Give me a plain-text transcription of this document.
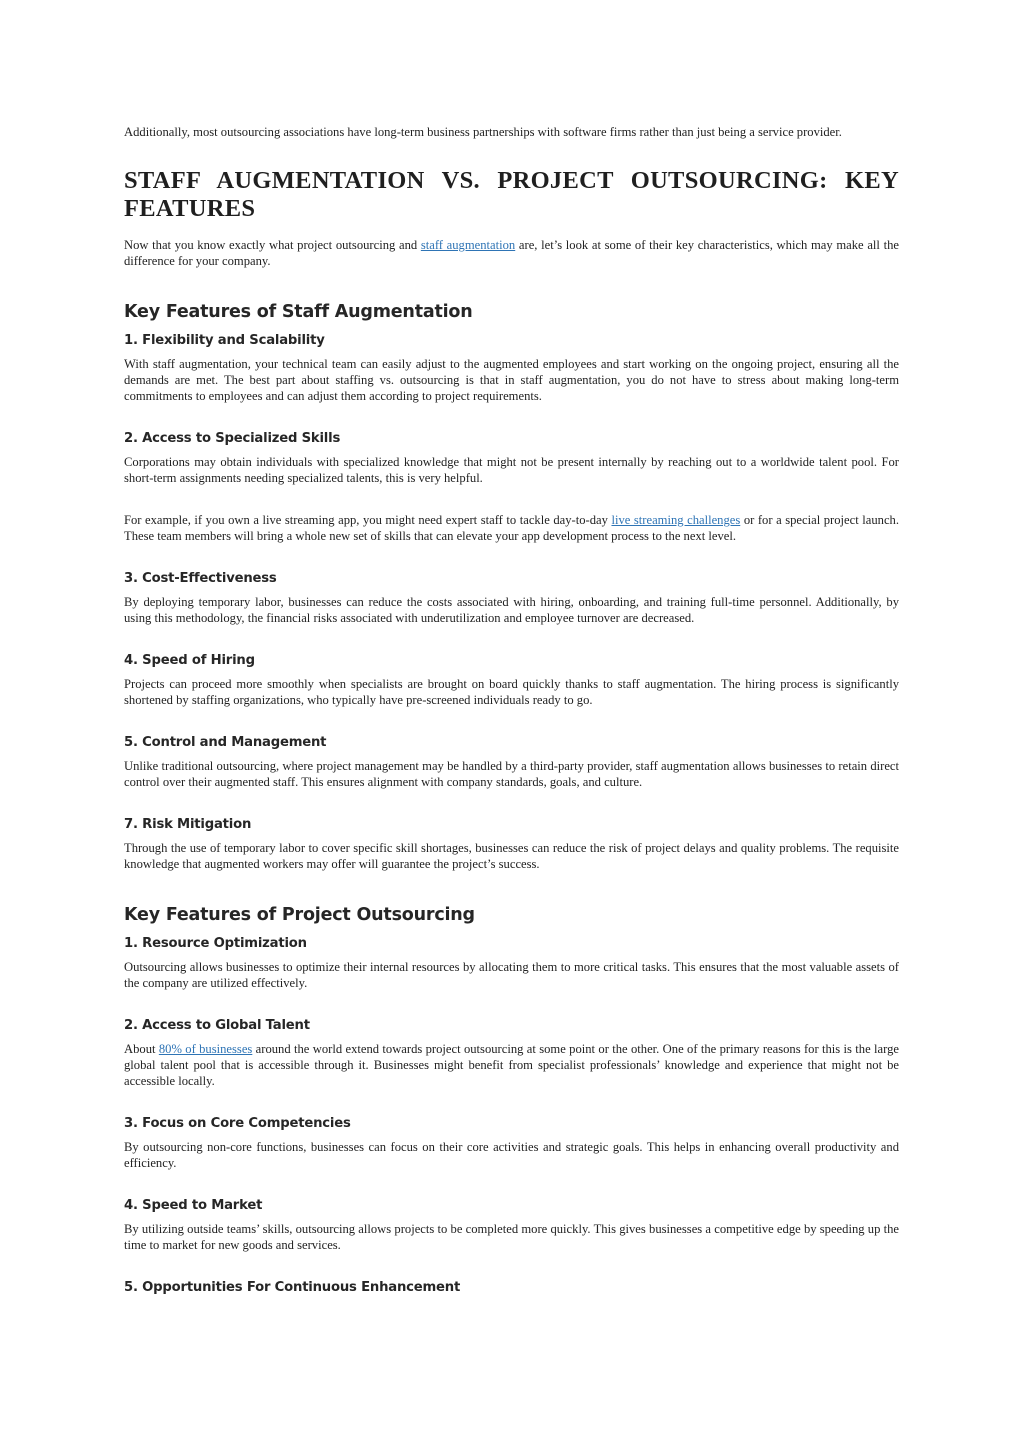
Additionally, most outsourcing associations have long-term business partnerships with software firms rather than just being a service provider.

STAFF AUGMENTATION VS. PROJECT OUTSOURCING: KEY FEATURES

Now that you know exactly what project outsourcing and staff augmentation are, let’s look at some of their key characteristics, which may make all the difference for your company.

Key Features of Staff Augmentation
1. Flexibility and Scalability

With staff augmentation, your technical team can easily adjust to the augmented employees and start working on the ongoing project, ensuring all the demands are met. The best part about staffing vs. outsourcing is that in staff augmentation, you do not have to stress about making long-term commitments to employees and can adjust them according to project requirements.

2. Access to Specialized Skills

Corporations may obtain individuals with specialized knowledge that might not be present internally by reaching out to a worldwide talent pool. For short-term assignments needing specialized talents, this is very helpful.

For example, if you own a live streaming app, you might need expert staff to tackle day-to-day live streaming challenges or for a special project launch. These team members will bring a whole new set of skills that can elevate your app development process to the next level.

3. Cost-Effectiveness

By deploying temporary labor, businesses can reduce the costs associated with hiring, onboarding, and training full-time personnel. Additionally, by using this methodology, the financial risks associated with underutilization and employee turnover are decreased.

4. Speed of Hiring

Projects can proceed more smoothly when specialists are brought on board quickly thanks to staff augmentation. The hiring process is significantly shortened by staffing organizations, who typically have pre-screened individuals ready to go.

5. Control and Management

Unlike traditional outsourcing, where project management may be handled by a third-party provider, staff augmentation allows businesses to retain direct control over their augmented staff. This ensures alignment with company standards, goals, and culture.

7. Risk Mitigation

Through the use of temporary labor to cover specific skill shortages, businesses can reduce the risk of project delays and quality problems. The requisite knowledge that augmented workers may offer will guarantee the project’s success.

Key Features of Project Outsourcing
1. Resource Optimization

Outsourcing allows businesses to optimize their internal resources by allocating them to more critical tasks. This ensures that the most valuable assets of the company are utilized effectively.

2. Access to Global Talent

About 80% of businesses around the world extend towards project outsourcing at some point or the other. One of the primary reasons for this is the large global talent pool that is accessible through it. Businesses might benefit from specialist professionals’ knowledge and experience that might not be accessible locally.

3. Focus on Core Competencies

By outsourcing non-core functions, businesses can focus on their core activities and strategic goals. This helps in enhancing overall productivity and efficiency.

4. Speed to Market

By utilizing outside teams’ skills, outsourcing allows projects to be completed more quickly. This gives businesses a competitive edge by speeding up the time to market for new goods and services.

5. Opportunities For Continuous Enhancement
